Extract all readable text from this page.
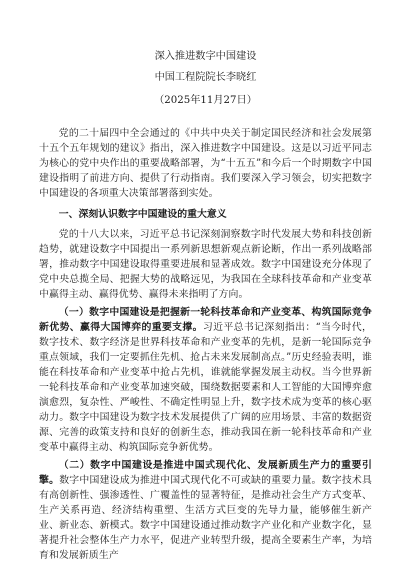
深入推进数字中国建设

中国工程院院长李晓红

（2025年11月27日）

党的二十届四中全会通过的《中共中央关于制定国民经济和社会发展第十五个五年规划的建议》指出，深入推进数字中国建设。这是以习近平同志为核心的党中央作出的重要战略部署，为“十五五”和今后一个时期数字中国建设指明了前进方向、提供了行动指南。我们要深入学习领会，切实把数字中国建设的各项重大决策部署落到实处。

一、深刻认识数字中国建设的重大意义

党的十八大以来，习近平总书记深刻洞察数字时代发展大势和科技创新趋势，就建设数字中国提出一系列新思想新观点新论断，作出一系列战略部署，推动数字中国建设取得重要进展和显著成效。数字中国建设充分体现了党中央总揽全局、把握大势的战略远见，为我国在全球科技革命和产业变革中赢得主动、赢得优势、赢得未来指明了方向。

（一）数字中国建设是把握新一轮科技革命和产业变革、构筑国际竞争新优势、赢得大国博弈的重要支撑。习近平总书记深刻指出：“当今时代，数字技术、数字经济是世界科技革命和产业变革的先机，是新一轮国际竞争重点领域，我们一定要抓住先机、抢占未来发展制高点。”历史经验表明，谁能在科技革命和产业变革中抢占先机，谁就能掌握发展主动权。当今世界新一轮科技革命和产业变革加速突破，围绕数据要素和人工智能的大国博弈愈演愈烈，复杂性、严峻性、不确定性明显上升，数字技术成为变革的核心驱动力。数字中国建设为数字技术发展提供了广阔的应用场景、丰富的数据资源、完善的政策支持和良好的创新生态，推动我国在新一轮科技革命和产业变革中赢得主动、构筑国际竞争新优势。

（二）数字中国建设是推进中国式现代化、发展新质生产力的重要引擎。数字中国建设成为推进中国式现代化不可或缺的重要力量。数字技术具有高创新性、强渗透性、广覆盖性的显著特征，是推动社会生产方式变革、生产关系再造、经济结构重塑、生活方式巨变的先导力量，能够催生新产业、新业态、新模式。数字中国建设通过推动数字产业化和产业数字化，显著提升社会整体生产力水平，促进产业转型升级，提高全要素生产率，为培育和发展新质生产
